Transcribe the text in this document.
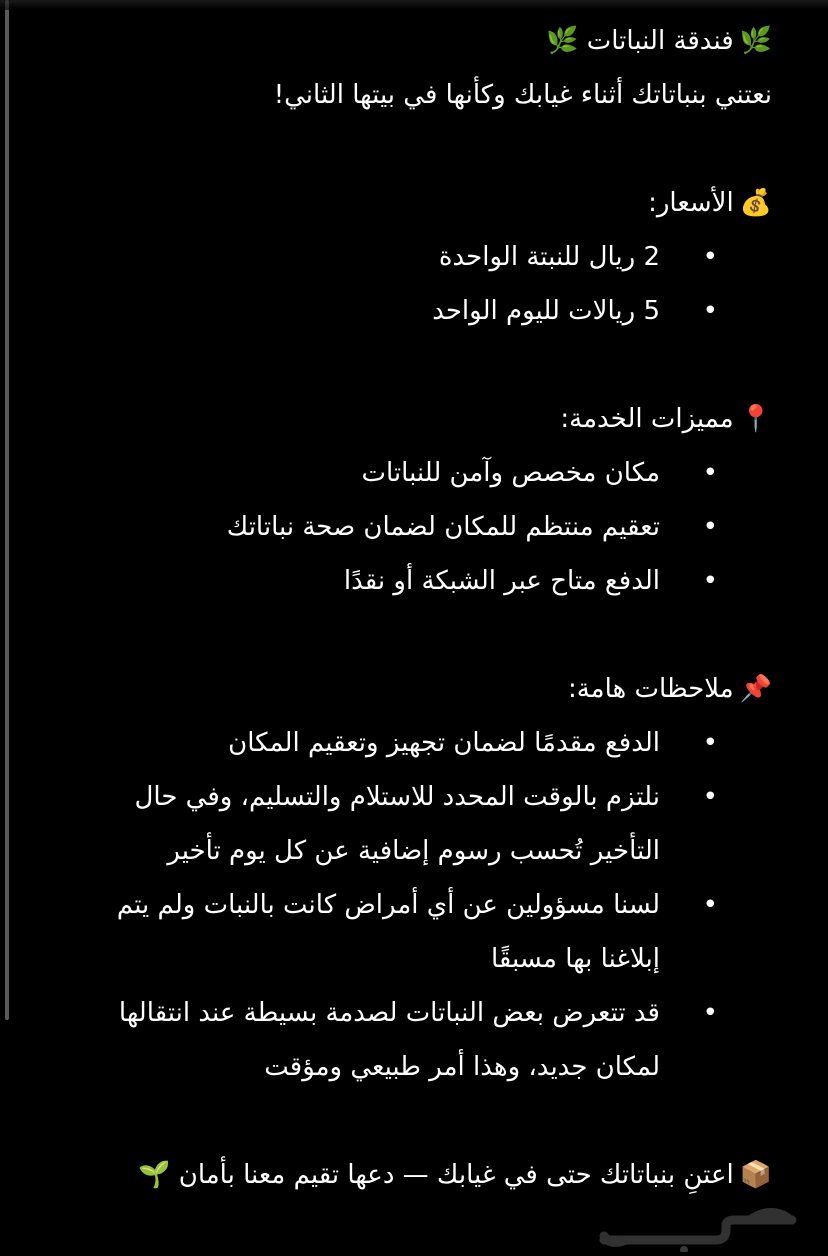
🌿 فندقة النباتات 🌿
نعتني بنباتاتك أثناء غيابك وكأنها في بيتها الثاني!
💰 الأسعار:
•
2 ريال للنبتة الواحدة
•
5 ريالات لليوم الواحد
📍 مميزات الخدمة:
•
مكان مخصص وآمن للنباتات
•
تعقيم منتظم للمكان لضمان صحة نباتاتك
•
الدفع متاح عبر الشبكة أو نقدًا
📌 ملاحظات هامة:
•
الدفع مقدمًا لضمان تجهيز وتعقيم المكان
•
نلتزم بالوقت المحدد للاستلام والتسليم، وفي حال التأخير تُحسب رسوم إضافية عن كل يوم تأخير
•
لسنا مسؤولين عن أي أمراض كانت بالنبات ولم يتم إبلاغنا بها مسبقًا
•
قد تتعرض بعض النباتات لصدمة بسيطة عند انتقالها لمكان جديد، وهذا أمر طبيعي ومؤقت
📦 اعتنِ بنباتاتك حتى في غيابك — دعها تقيم معنا بأمان 🌱
